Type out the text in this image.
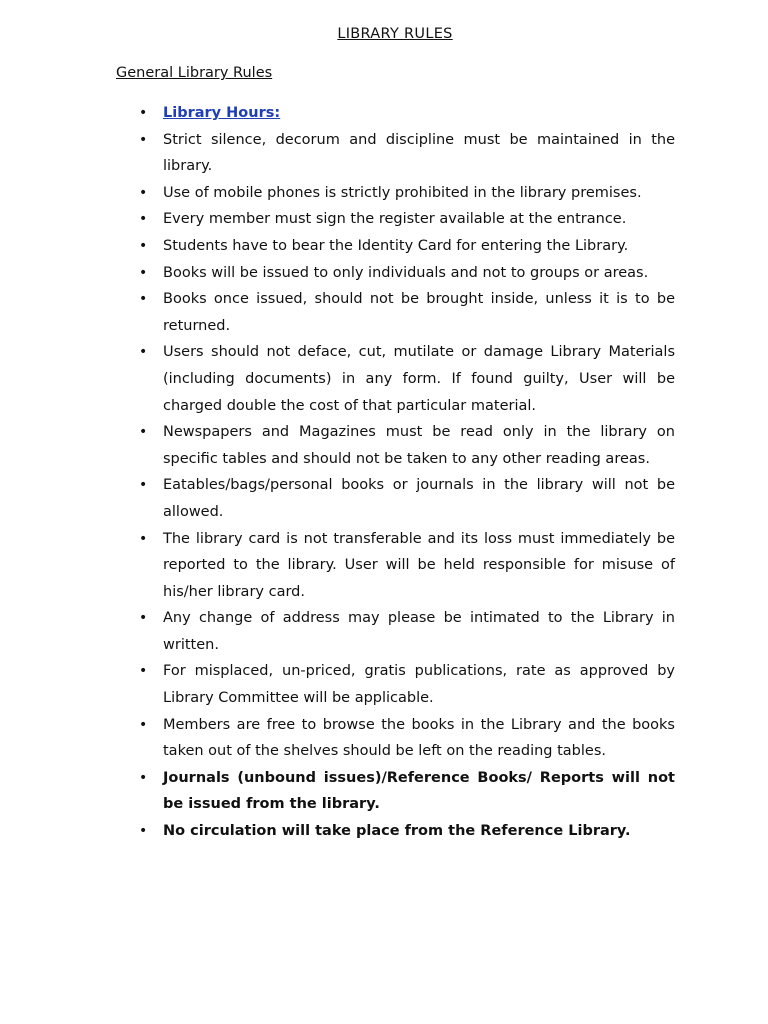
LIBRARY RULES
General Library Rules
• Library Hours:
• Strict silence, decorum and discipline must be maintained in the library.
• Use of mobile phones is strictly prohibited in the library premises.
• Every member must sign the register available at the entrance.
• Students have to bear the Identity Card for entering the Library.
• Books will be issued to only individuals and not to groups or areas.
• Books once issued, should not be brought inside, unless it is to be returned.
• Users should not deface, cut, mutilate or damage Library Materials (including documents) in any form. If found guilty, User will be charged double the cost of that particular material.
• Newspapers and Magazines must be read only in the library on specific tables and should not be taken to any other reading areas.
• Eatables/bags/personal books or journals in the library will not be allowed.
• The library card is not transferable and its loss must immediately be reported to the library. User will be held responsible for misuse of his/her library card.
• Any change of address may please be intimated to the Library in written.
• For misplaced, un-priced, gratis publications, rate as approved by Library Committee will be applicable.
• Members are free to browse the books in the Library and the books taken out of the shelves should be left on the reading tables.
• Journals (unbound issues)/Reference Books/ Reports will not be issued from the library.
• No circulation will take place from the Reference Library.
